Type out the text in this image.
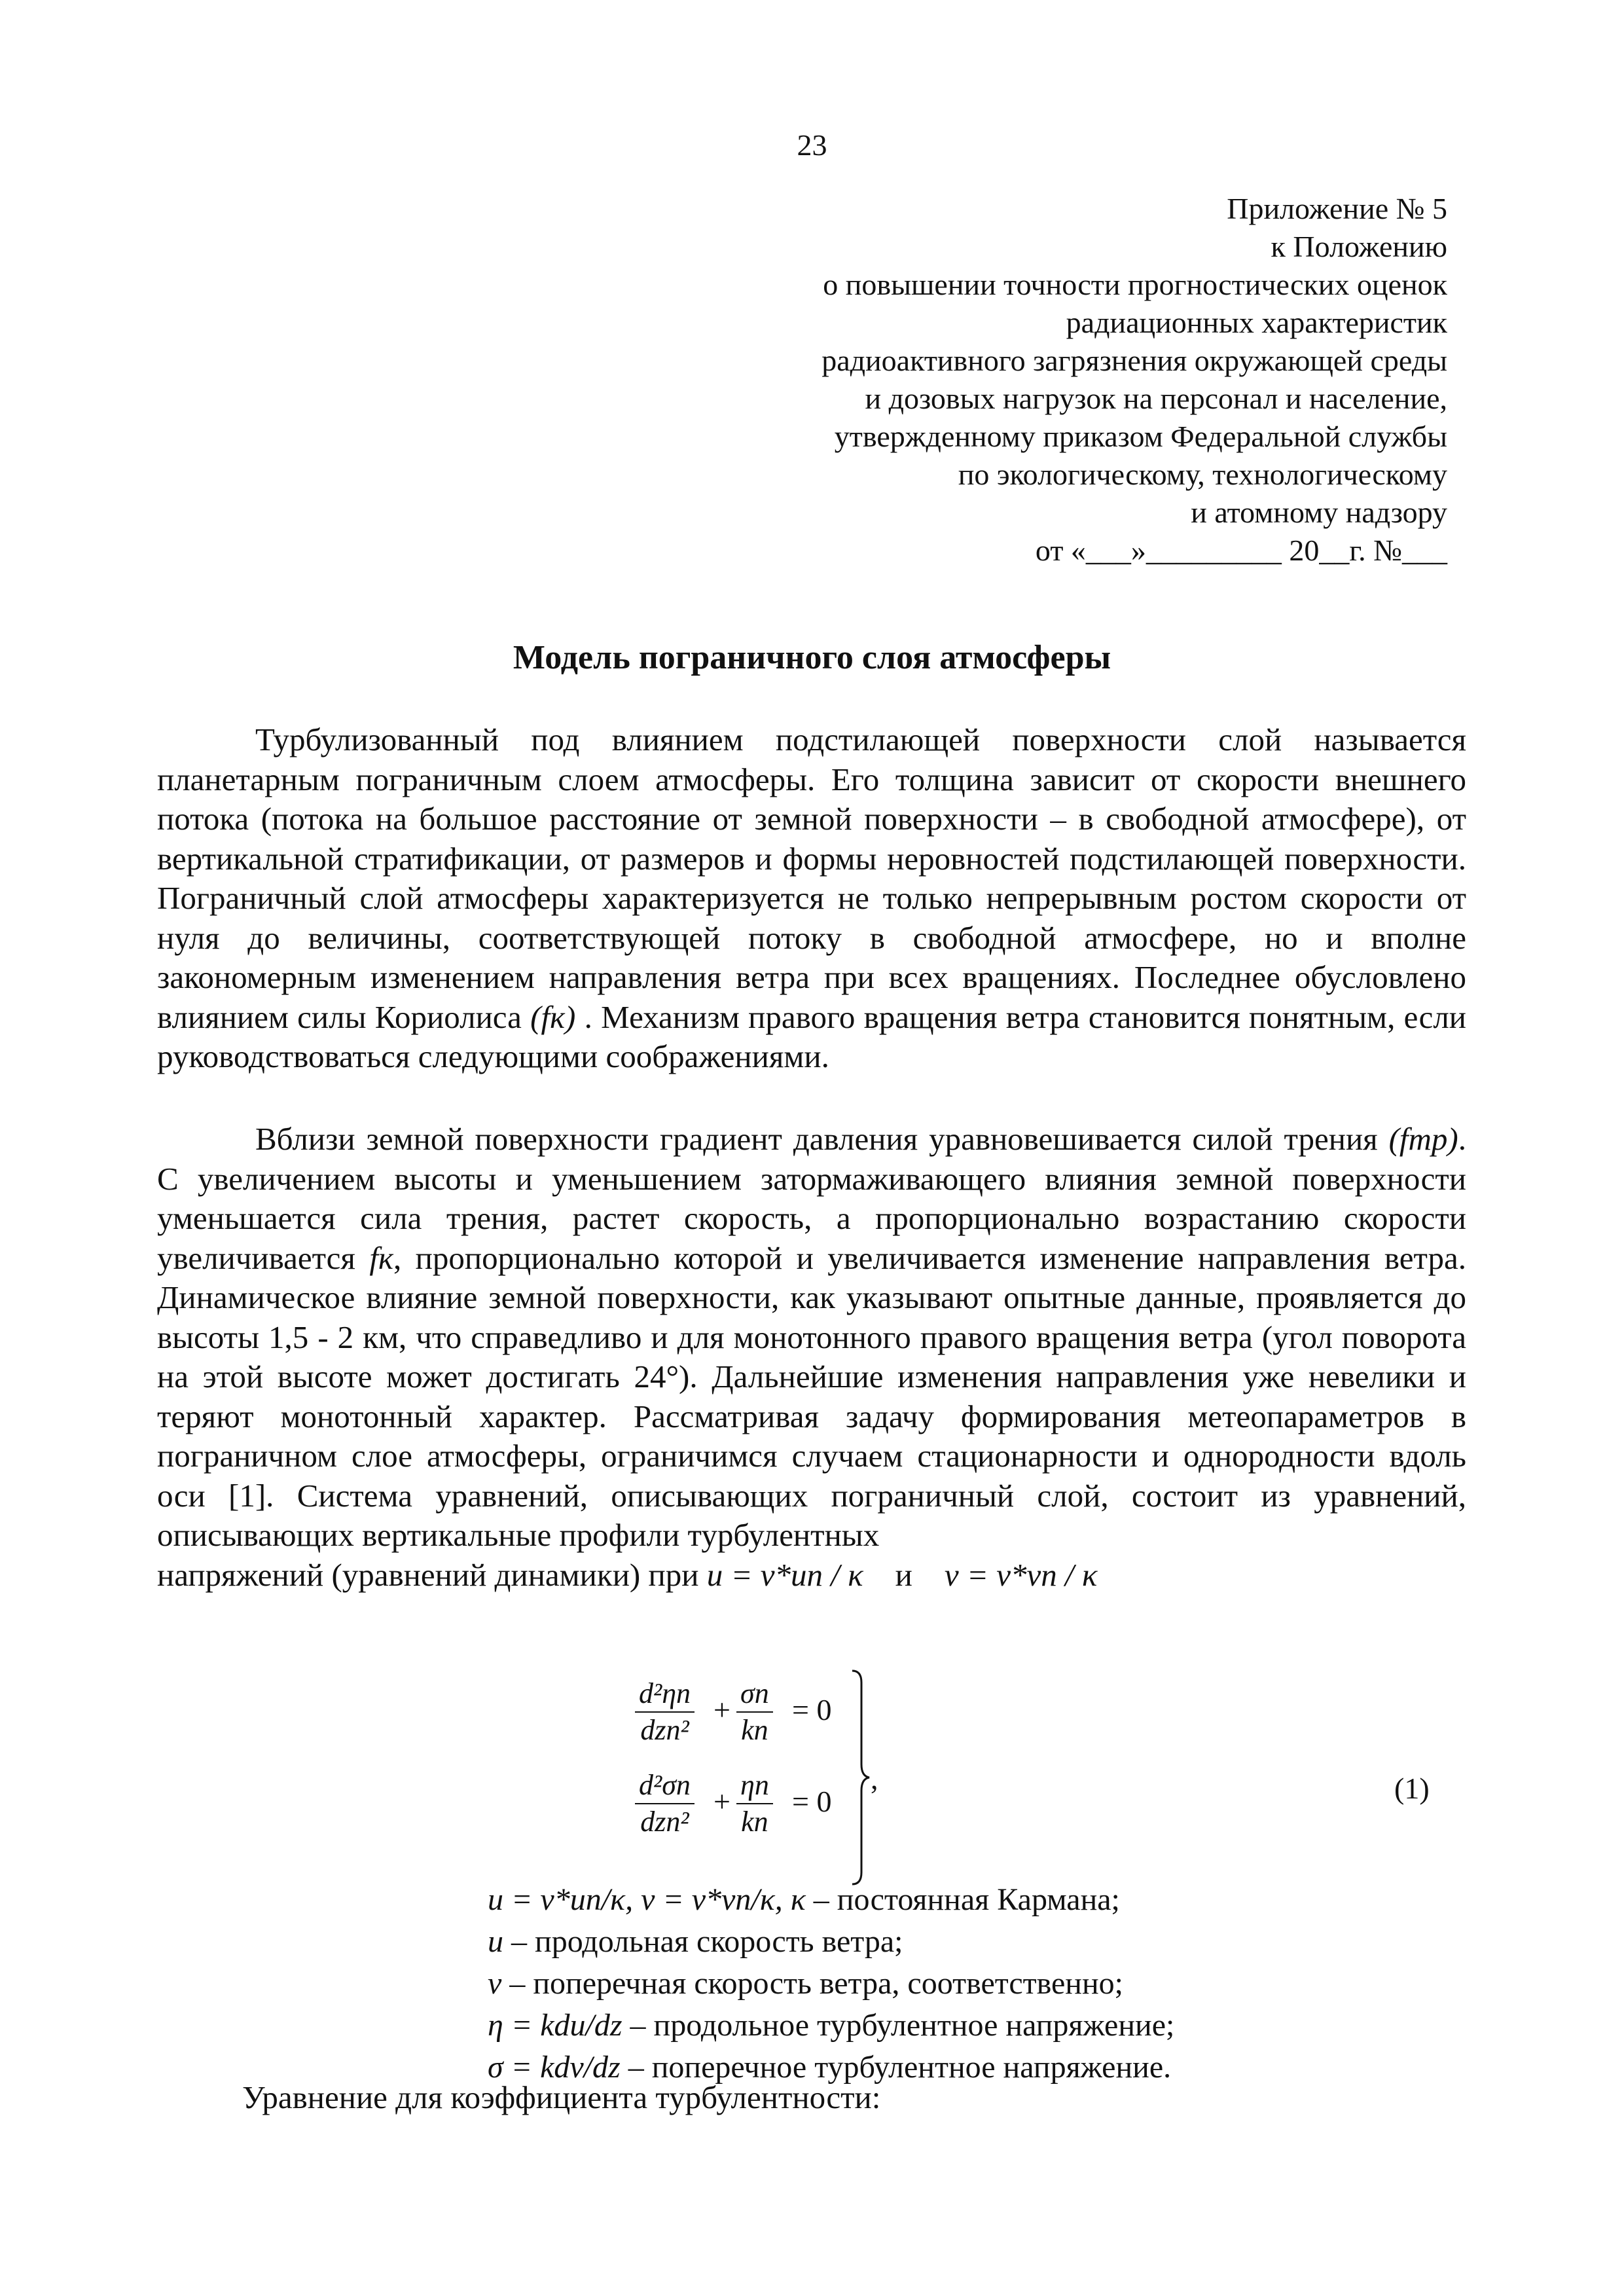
23
Приложение № 5
к Положению
о повышении точности прогностических оценок
радиационных характеристик
радиоактивного загрязнения окружающей среды
и дозовых нагрузок на персонал и население,
утвержденному приказом Федеральной службы
по экологическому, технологическому
и атомному надзору
от «___»_________ 20__г. №___
Модель пограничного слоя атмосферы

Турбулизованный под влиянием подстилающей поверхности слой называется планетарным пограничным слоем атмосферы. Его толщина зависит от скорости внешнего потока (потока на большое расстояние от земной поверхности – в свободной атмосфере), от вертикальной стратификации, от размеров и формы неровностей подстилающей поверхности. Пограничный слой атмосферы характеризуется не только непрерывным ростом скорости от нуля до величины, соответствующей потоку в свободной атмосфере, но и вполне закономерным изменением направления ветра при всех вращениях. Последнее обусловлено влиянием силы Кориолиса (fк) . Механизм правого вращения ветра становится понятным, если руководствоваться следующими соображениями.

Вблизи земной поверхности градиент давления уравновешивается силой трения (fтр). С увеличением высоты и уменьшением затормаживающего влияния земной поверхности уменьшается сила трения, растет скорость, а пропорционально возрастанию скорости увеличивается fк, пропорционально которой и увеличивается изменение направления ветра. Динамическое влияние земной поверхности, как указывают опытные данные, проявляется до высоты 1,5 - 2 км, что справедливо и для монотонного правого вращения ветра (угол поворота на этой высоте может достигать 24°). Дальнейшие изменения направления уже невелики и теряют монотонный характер. Рассматривая задачу формирования метеопараметров в пограничном слое атмосферы, ограничимся случаем стационарности и однородности вдоль оси [1]. Система уравнений, описывающих пограничный слой, состоит из уравнений, описывающих вертикальные профили турбулентных

напряжений (уравнений динамики) при u = v*un / κ и v = v*vn / κ

d²ηn
dzn²
+ $\frac{\sigma n}{kn} = 0$
d²σn
dzn²
+ $\frac{\eta n}{kn} = 0$
,	(1)
u = v*un/κ, v = v*vn/κ, κ – постоянная Кармана;
u – продольная скорость ветра;
v – поперечная скорость ветра, соответственно;
η = kdu/dz – продольное турбулентное напряжение;
σ = kdv/dz – поперечное турбулентное напряжение.
Уравнение для коэффициента турбулентности:
